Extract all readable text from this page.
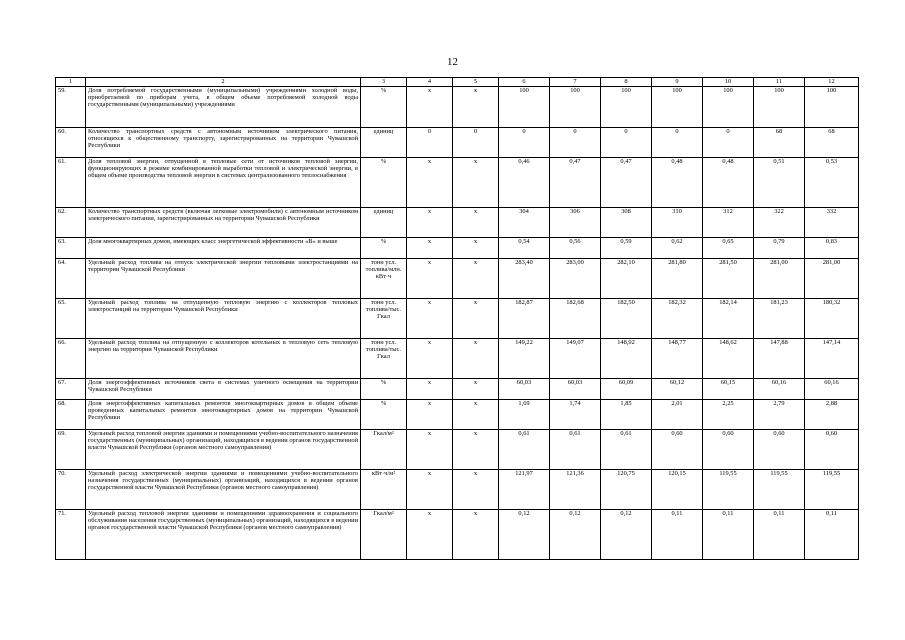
12
1	2	3	4	5	6	7	8	9	10	11	12
59.	Доля потребляемой государственными (муниципальными) учреждениями холодной воды, приобретаемой по приборам учета, в общем объеме потребляемой холодной воды государственными (муниципальными) учреждениями	%	х	х	100	100	100	100	100	100	100
60.	Количество транспортных средств с автономным источником электрического питания, относящихся к общественному транспорту, зарегистрированных на территории Чувашской Республики	единиц	0	0	0	0	0	0	0	68	68
61.	Доля тепловой энергии, отпущенной в тепловые сети от источников тепловой энергии, функционирующих в режиме комбинированной выработки тепловой и электрической энергии, в общем объеме производства тепловой энергии в системах централизованного теплоснабжения	%	х	х	0,46	0,47	0,47	0,48	0,48	0,51	0,53
62.	Количество транспортных средств (включая легковые электромобили) с автономным источником электрического питания, зарегистрированных на территории Чувашской Республики	единиц	х	х	304	306	308	310	312	322	332
63.	Доля многоквартирных домов, имеющих класс энергетической эффективности «В» и выше	%	х	х	0,54	0,56	0,59	0,62	0,65	0,79	0,83
64.	Удельный расход топлива на отпуск электрической энергии тепловыми электростанциями на территории Чувашской Республики	тонн усл. топлива/млн. кВт·ч	х	х	283,40	283,00	282,10	281,80	281,50	281,00	281,00
65.	Удельный расход топлива на отпущенную тепловую энергию с коллекторов тепловых электростанций на территории Чувашской Республики	тонн усл. топлива/тыс. Гкал	х	х	182,87	182,68	182,50	182,32	182,14	181,23	180,32
66.	Удельный расход топлива на отпущенную с коллекторов котельных в тепловую сеть тепловую энергию на территории Чувашской Республики	тонн усл. топлива/тыс. Гкал	х	х	149,22	149,07	148,92	148,77	148,62	147,88	147,14
67.	Доля энергоэффективных источников света в системах уличного освещения на территории Чувашской Республики	%	х	х	60,03	60,03	60,09	60,12	60,15	60,16	60,16
68.	Доля энергоэффективных капитальных ремонтов многоквартирных домов в общем объеме проведенных капитальных ремонтов многоквартирных домов на территории Чувашской Республики	%	х	х	1,69	1,74	1,85	2,01	2,25	2,79	2,88
69.	Удельный расход тепловой энергии зданиями и помещениями учебно-воспитательного назначения государственных (муниципальных) организаций, находящихся в ведении органов государственной власти Чувашской Республики (органов местного самоуправления)	Гкал/м²	х	х	0,61	0,61	0,61	0,60	0,60	0,60	0,60
70.	Удельный расход электрической энергии зданиями и помещениями учебно-воспитательного назначения государственных (муниципальных) организаций, находящихся в ведении органов государственной власти Чувашской Республики (органов местного самоуправления)	кВт·ч/м²	х	х	121,97	121,36	120,75	120,15	119,55	119,55	119,55
71.	Удельный расход тепловой энергии зданиями и помещениями здравоохранения и социального обслуживания населения государственных (муниципальных) организаций, находящихся в ведении органов государственной власти Чувашской Республики (органов местного самоуправления)	Гкал/м²	х	х	0,12	0,12	0,12	0,11	0,11	0,11	0,11
